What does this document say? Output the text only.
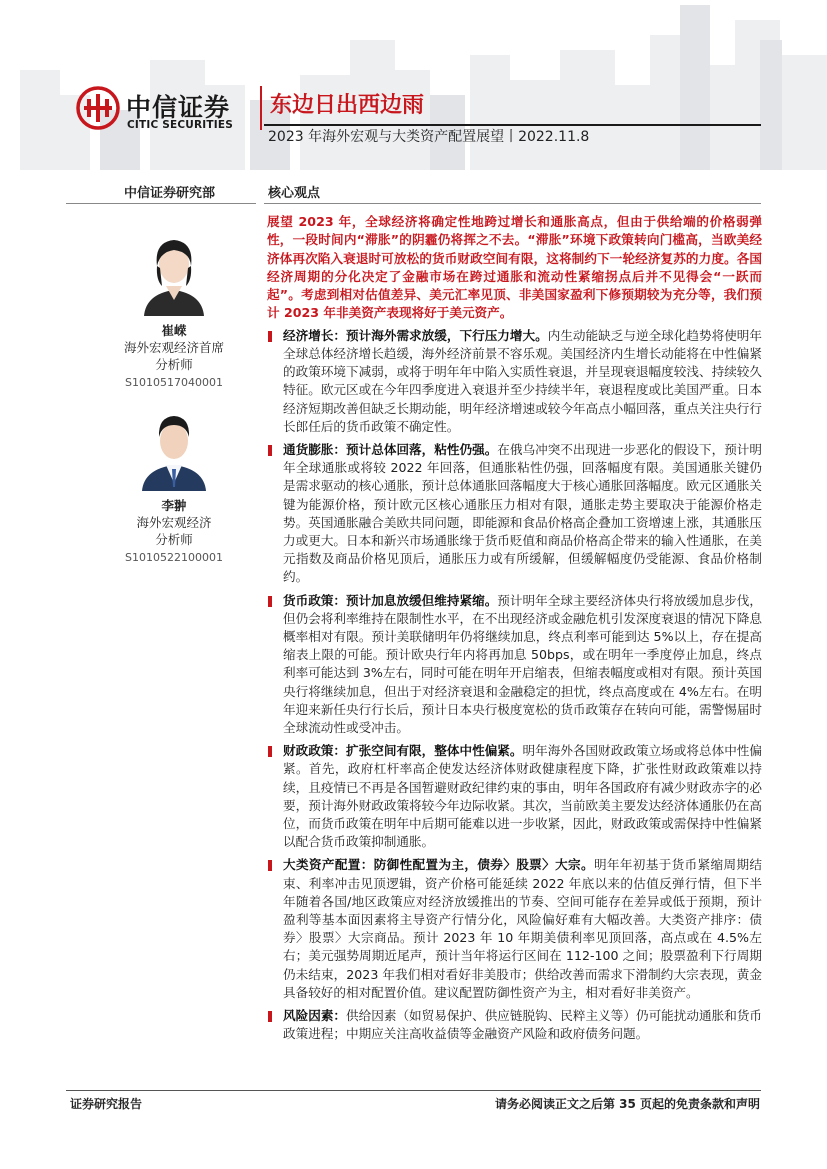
中信证券
CITIC SECURITIES
东边日出西边雨
2023 年海外宏观与大类资产配置展望丨2022.11.8
中信证券研究部	核心观点
崔嵘
海外宏观经济首席
分析师
S1010517040001
李翀
海外宏观经济
分析师
S1010522100001

展望 2023 年，全球经济将确定性地跨过增长和通胀高点，但由于供给端的价格弱弹性，一段时间内“滞胀”的阴霾仍将挥之不去。“滞胀”环境下政策转向门槛高，当欧美经济体再次陷入衰退时可放松的货币财政空间有限，这将制约下一轮经济复苏的力度。各国经济周期的分化决定了金融市场在跨过通胀和流动性紧缩拐点后并不见得会“一跃而起”。考虑到相对估值差异、美元汇率见顶、非美国家盈利下修预期较为充分等，我们预计 2023 年非美资产表现将好于美元资产。

经济增长：预计海外需求放缓，下行压力增大。内生动能缺乏与逆全球化趋势将使明年全球总体经济增长趋缓，海外经济前景不容乐观。美国经济内生增长动能将在中性偏紧的政策环境下减弱，或将于明年年中陷入实质性衰退，并呈现衰退幅度较浅、持续较久特征。欧元区或在今年四季度进入衰退并至少持续半年，衰退程度或比美国严重。日本经济短期改善但缺乏长期动能，明年经济增速或较今年高点小幅回落，重点关注央行行长郎任后的货币政策不确定性。
通货膨胀：预计总体回落，粘性仍强。在俄乌冲突不出现进一步恶化的假设下，预计明年全球通胀或将较 2022 年回落，但通胀粘性仍强，回落幅度有限。美国通胀关键仍是需求驱动的核心通胀，预计总体通胀回落幅度大于核心通胀回落幅度。欧元区通胀关键为能源价格，预计欧元区核心通胀压力相对有限，通胀走势主要取决于能源价格走势。英国通胀融合美欧共同问题，即能源和食品价格高企叠加工资增速上涨，其通胀压力或更大。日本和新兴市场通胀缘于货币贬值和商品价格高企带来的输入性通胀，在美元指数及商品价格见顶后，通胀压力或有所缓解，但缓解幅度仍受能源、食品价格制约。
货币政策：预计加息放缓但维持紧缩。预计明年全球主要经济体央行将放缓加息步伐，但仍会将利率维持在限制性水平，在不出现经济或金融危机引发深度衰退的情况下降息概率相对有限。预计美联储明年仍将继续加息，终点利率可能到达 5%以上，存在提高缩表上限的可能。预计欧央行年内将再加息 50bps，或在明年一季度停止加息，终点利率可能达到 3%左右，同时可能在明年开启缩表，但缩表幅度或相对有限。预计英国央行将继续加息，但出于对经济衰退和金融稳定的担忧，终点高度或在 4%左右。在明年迎来新任央行行长后，预计日本央行极度宽松的货币政策存在转向可能，需警惕届时全球流动性或受冲击。
财政政策：扩张空间有限，整体中性偏紧。明年海外各国财政政策立场或将总体中性偏紧。首先，政府杠杆率高企使发达经济体财政健康程度下降，扩张性财政政策难以持续，且疫情已不再是各国暂避财政纪律约束的事由，明年各国政府有减少财政赤字的必要，预计海外财政政策将较今年边际收紧。其次，当前欧美主要发达经济体通胀仍在高位，而货币政策在明年中后期可能难以进一步收紧，因此，财政政策或需保持中性偏紧以配合货币政策抑制通胀。
大类资产配置：防御性配置为主，债券〉股票〉大宗。明年年初基于货币紧缩周期结束、利率冲击见顶逻辑，资产价格可能延续 2022 年底以来的估值反弹行情，但下半年随着各国/地区政策应对经济放缓推出的节奏、空间可能存在差异或低于预期，预计盈利等基本面因素将主导资产行情分化，风险偏好难有大幅改善。大类资产排序：债券〉股票〉大宗商品。预计 2023 年 10 年期美债利率见顶回落，高点或在 4.5%左右；美元强势周期近尾声，预计当年将运行区间在 112-100 之间；股票盈利下行周期仍未结束，2023 年我们相对看好非美股市；供给改善而需求下滑制约大宗表现，黄金具备较好的相对配置价值。建议配置防御性资产为主，相对看好非美资产。
风险因素：供给因素（如贸易保护、供应链脱钩、民粹主义等）仍可能扰动通胀和货币政策进程；中期应关注高收益债等金融资产风险和政府债务问题。
证券研究报告	请务必阅读正文之后第 35 页起的免责条款和声明
